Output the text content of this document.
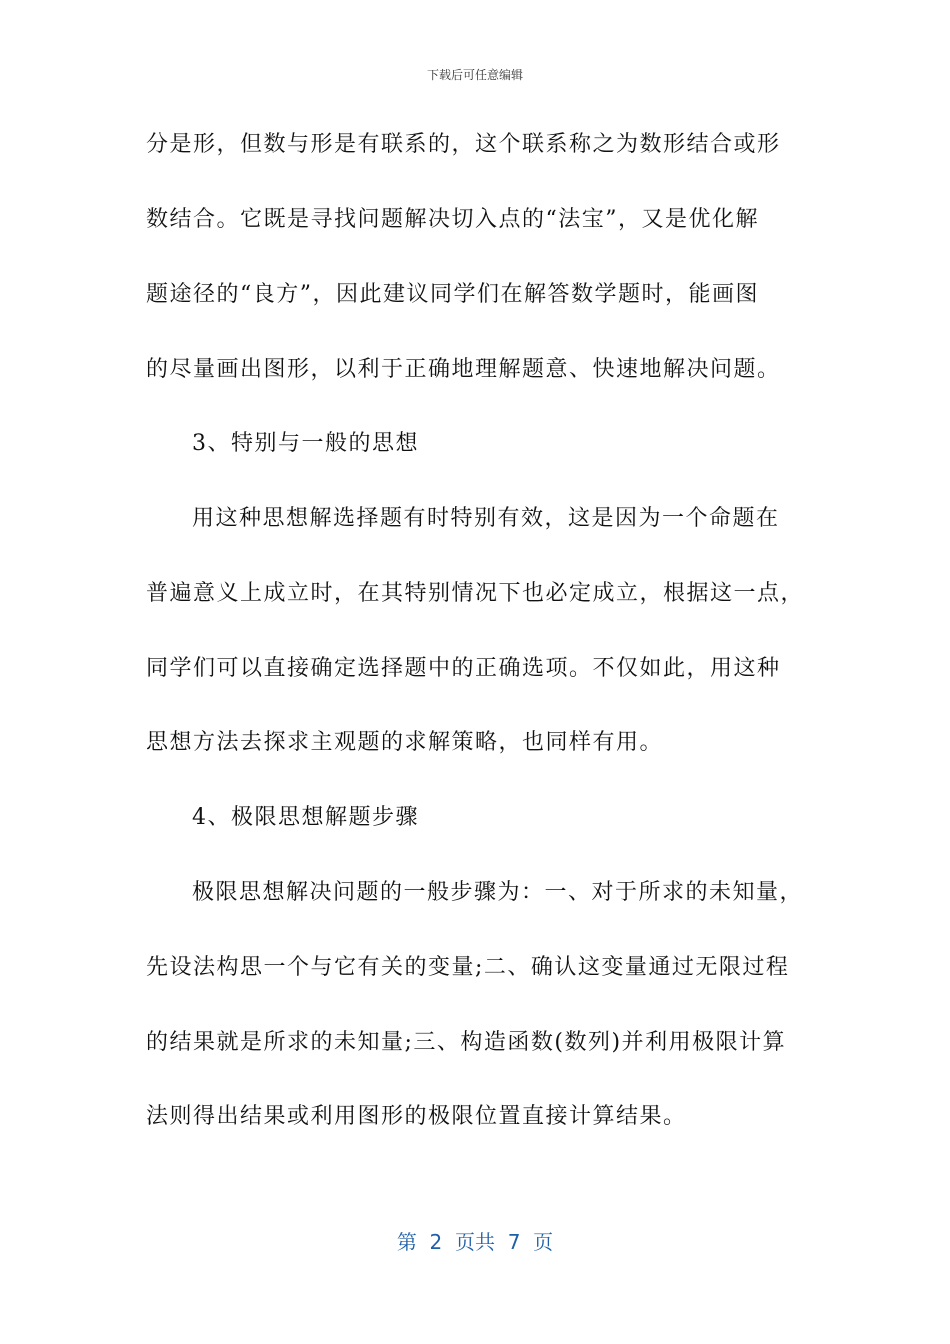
下载后可任意编辑
分是形，但数与形是有联系的，这个联系称之为数形结合或形
数结合。它既是寻找问题解决切入点的“法宝”，又是优化解
题途径的“良方”，因此建议同学们在解答数学题时，能画图
的尽量画出图形，以利于正确地理解题意、快速地解决问题。
3、特别与一般的思想
用这种思想解选择题有时特别有效，这是因为一个命题在
普遍意义上成立时，在其特别情况下也必定成立，根据这一点，
同学们可以直接确定选择题中的正确选项。不仅如此，用这种
思想方法去探求主观题的求解策略，也同样有用。
4、极限思想解题步骤
极限思想解决问题的一般步骤为：一、对于所求的未知量，
先设法构思一个与它有关的变量;二、确认这变量通过无限过程
的结果就是所求的未知量;三、构造函数(数列)并利用极限计算
法则得出结果或利用图形的极限位置直接计算结果。
第  2  页共  7  页
